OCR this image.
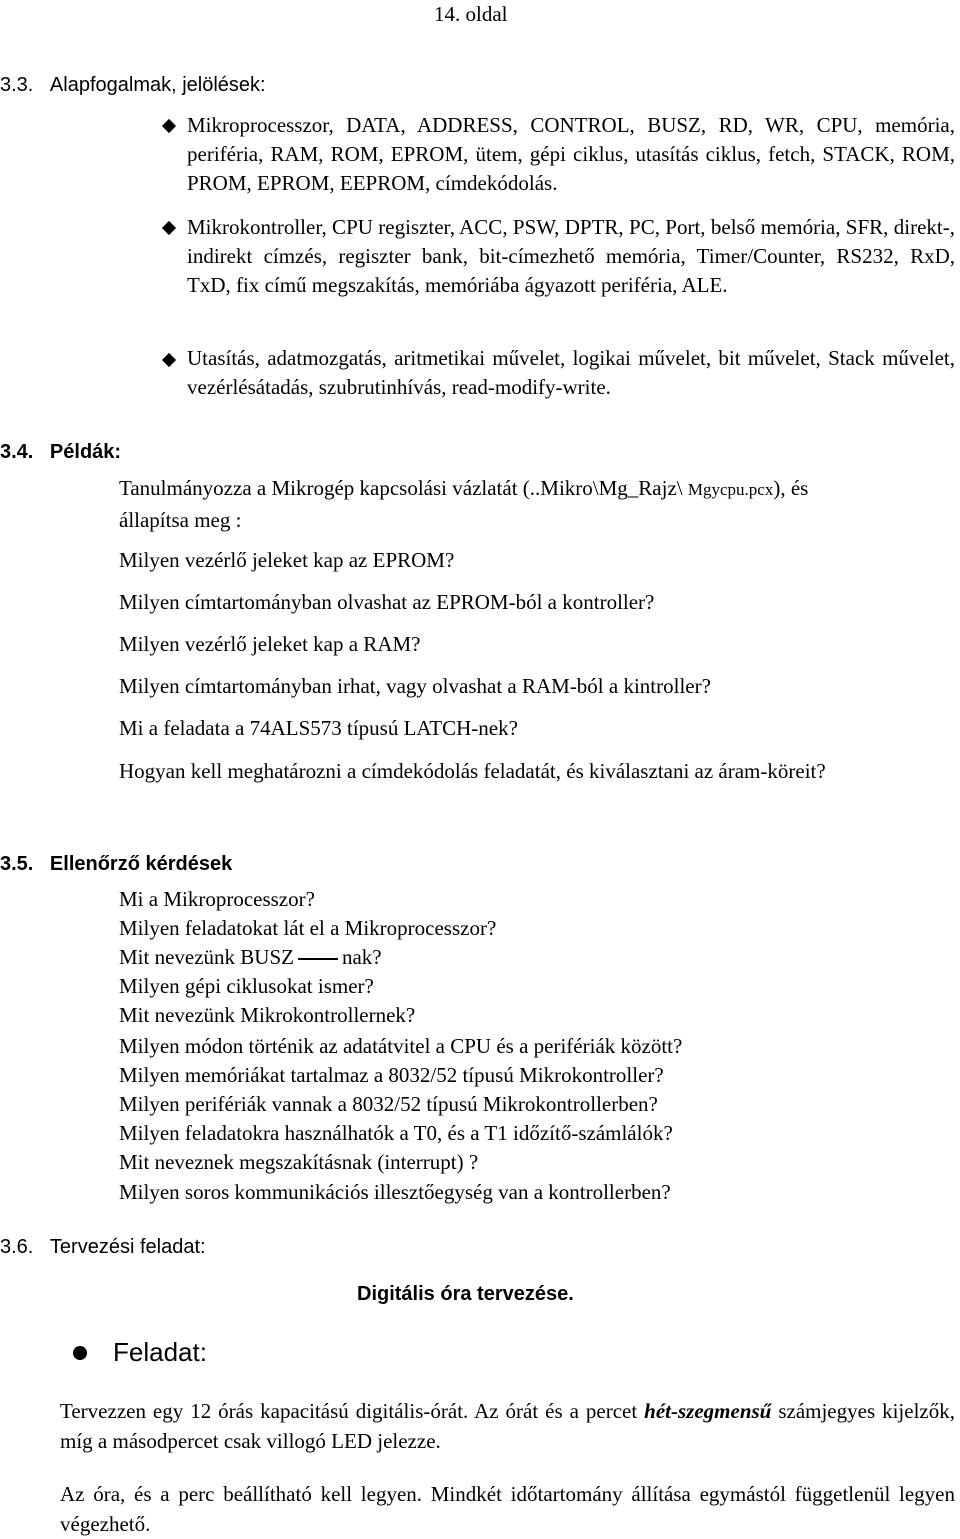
14. oldal
3.3. Alapfogalmak, jelölések:
Mikroprocesszor, DATA, ADDRESS, CONTROL, BUSZ, RD, WR, CPU, memória, periféria, RAM, ROM, EPROM, ütem, gépi ciklus, utasítás ciklus, fetch, STACK, ROM, PROM, EPROM, EEPROM, címdekódolás.
Mikrokontroller, CPU regiszter, ACC, PSW, DPTR, PC, Port, belső memória, SFR, direkt-, indirekt címzés, regiszter bank, bit-címezhető memória, Timer/Counter, RS232, RxD, TxD, fix című megszakítás, memóriába ágyazott periféria, ALE.
Utasítás, adatmozgatás, aritmetikai művelet, logikai művelet, bit művelet, Stack művelet, vezérlésátadás, szubrutinhívás, read-modify-write.
3.4. Példák:
Tanulmányozza a Mikrogép kapcsolási vázlatát (..Mikro\Mg_Rajz\ Mgycpu.pcx), és
állapítsa meg :
Milyen vezérlő jeleket kap az EPROM?
Milyen címtartományban olvashat az EPROM-ból a kontroller?
Milyen vezérlő jeleket kap a RAM?
Milyen címtartományban irhat, vagy olvashat a RAM-ból a kintroller?
Mi a feladata a 74ALS573 típusú LATCH-nek?
Hogyan kell meghatározni a címdekódolás feladatát, és kiválasztani az áram-köreit?
3.5. Ellenőrző kérdések
Mi a Mikroprocesszor?
Milyen feladatokat lát el a Mikroprocesszor?
Mit nevezünk BUSZ nak?
Milyen gépi ciklusokat ismer?
Mit nevezünk Mikrokontrollernek?
Milyen módon történik az adatátvitel a CPU és a perifériák között?
Milyen memóriákat tartalmaz a 8032/52 típusú Mikrokontroller?
Milyen perifériák vannak a 8032/52 típusú Mikrokontrollerben?
Milyen feladatokra használhatók a T0, és a T1 időzítő-számlálók?
Mit neveznek megszakításnak (interrupt) ?
Milyen soros kommunikációs illesztőegység van a kontrollerben?
3.6. Tervezési feladat:
Digitális óra tervezése.
Feladat:
Tervezzen egy 12 órás kapacitású digitális-órát. Az órát és a percet hét-szegmensű számjegyes kijelzők, míg a másodpercet csak villogó LED jelezze.
Az óra, és a perc beállítható kell legyen. Mindkét időtartomány állítása egymástól függetlenül legyen végezhető.
